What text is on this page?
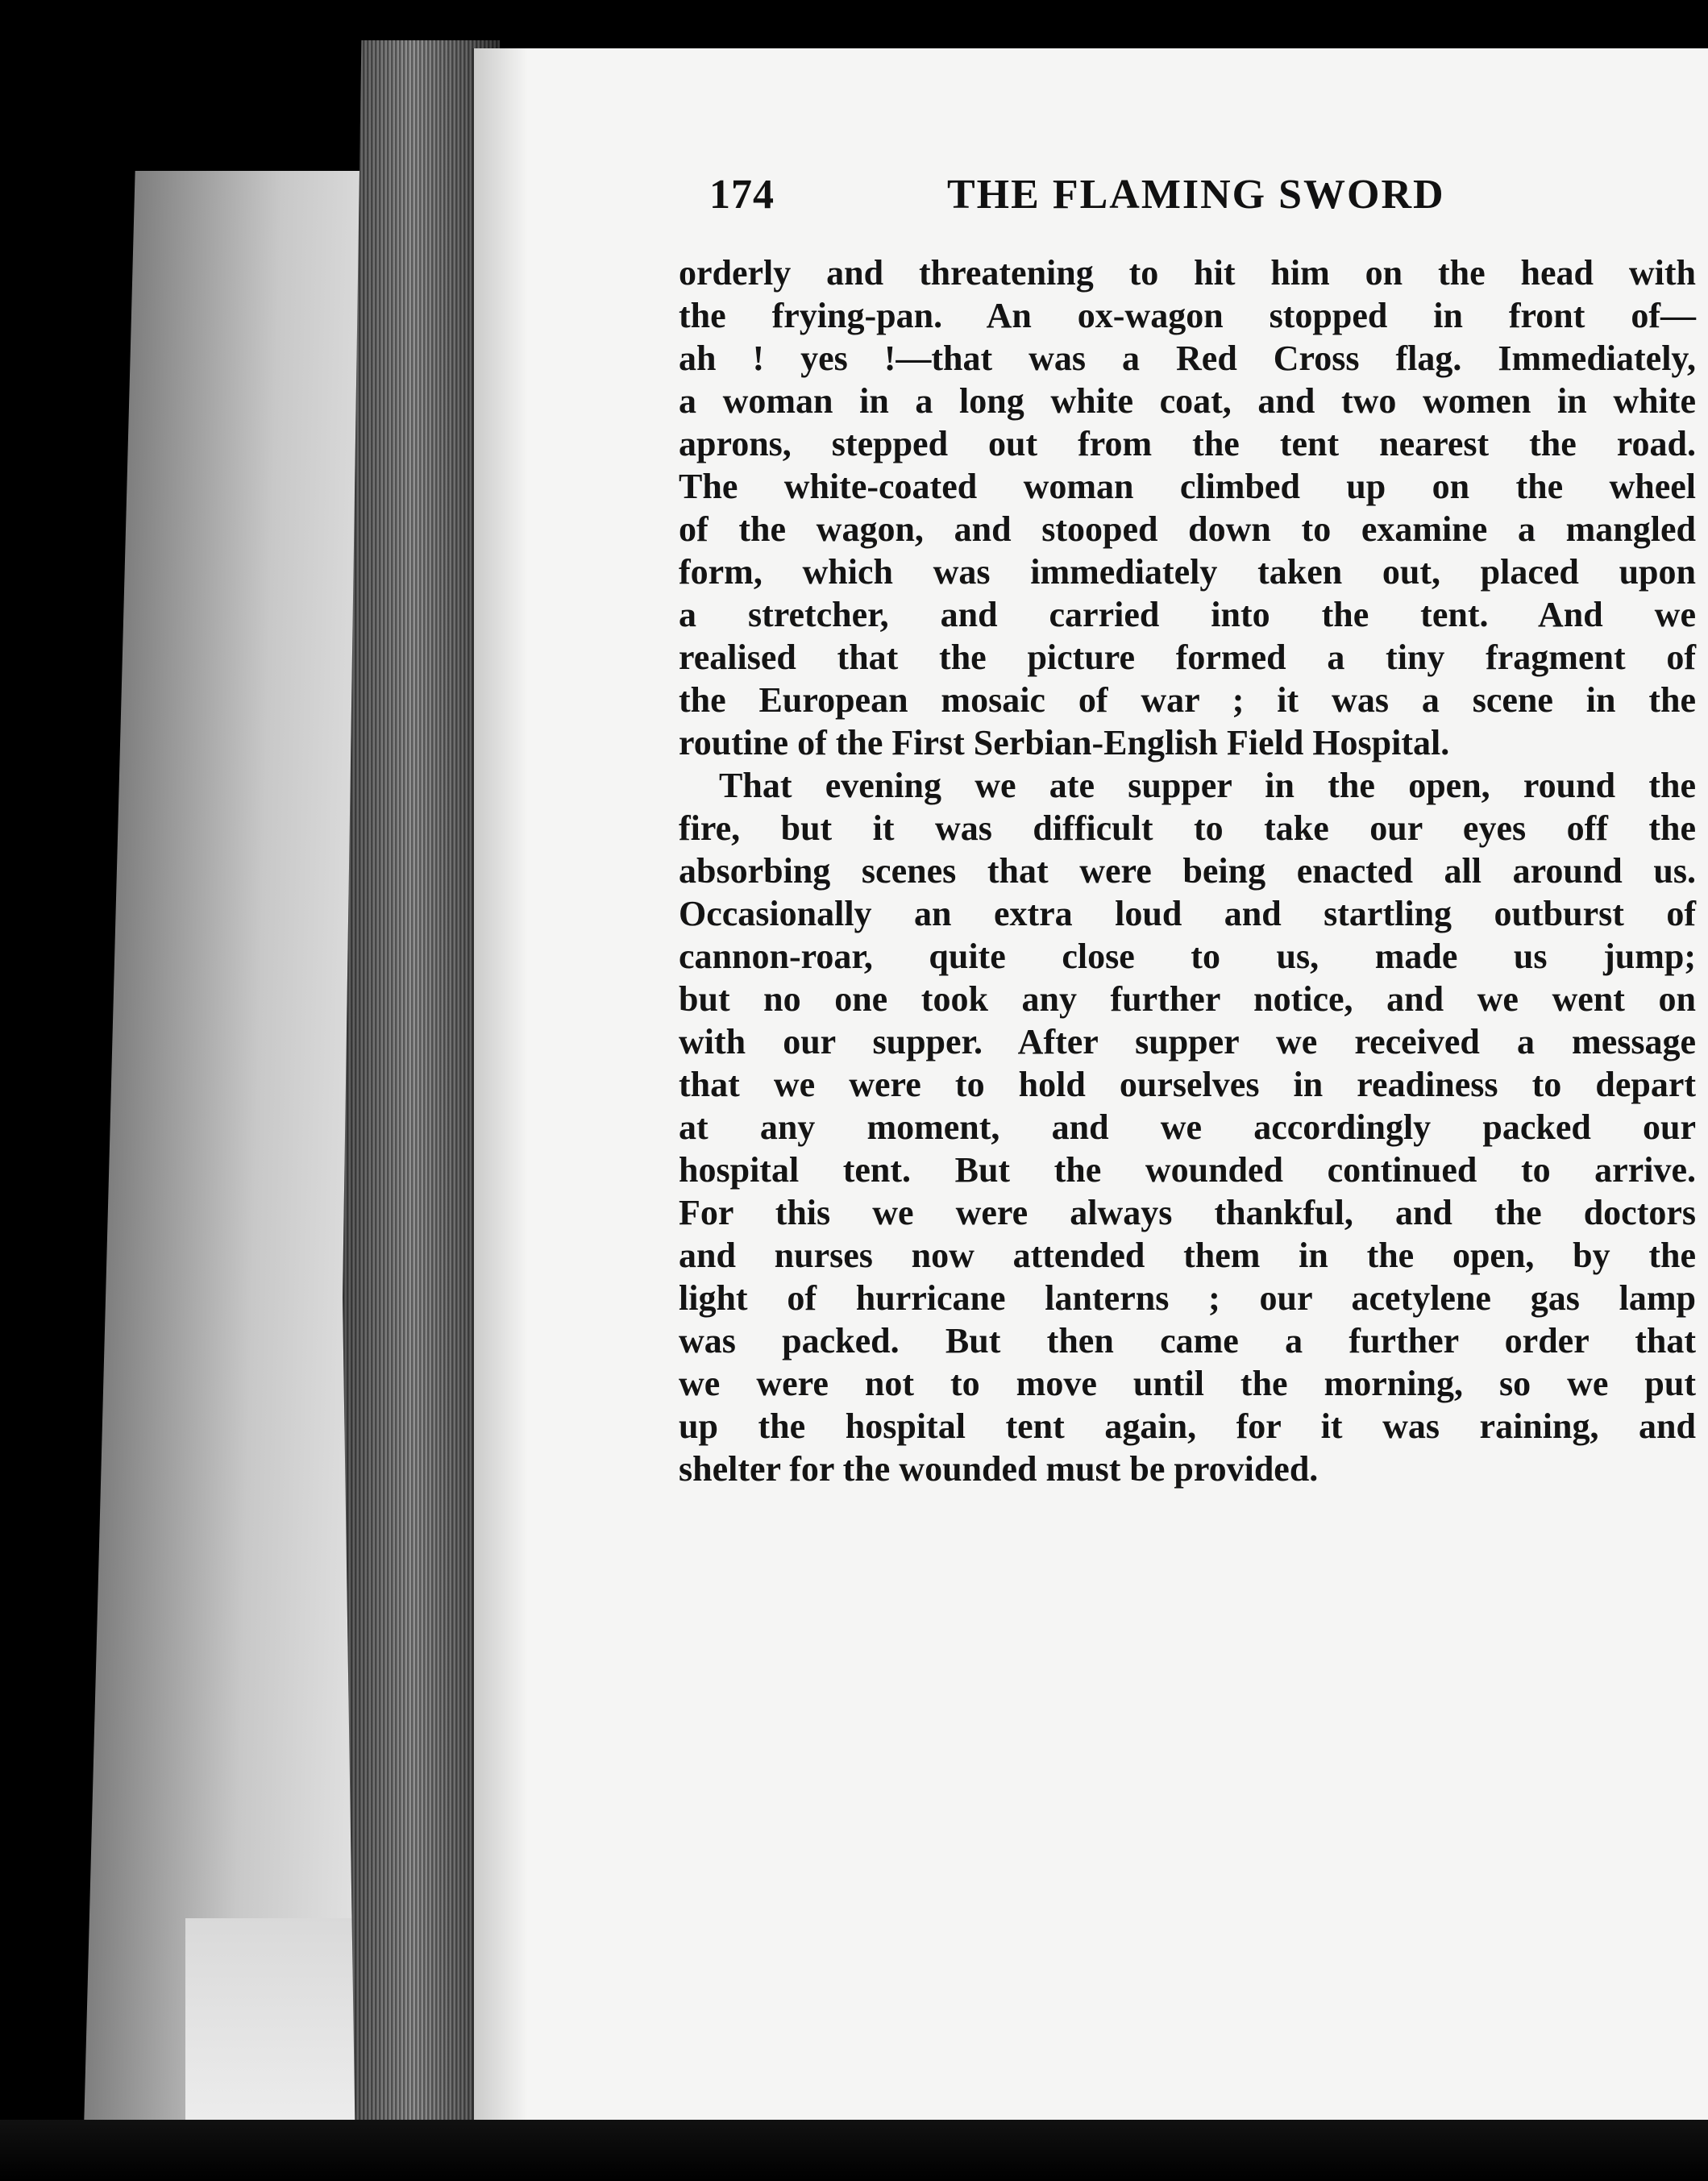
174	THE FLAMING SWORD
orderly and threatening to hit him on the head with
the frying-pan. An ox-wagon stopped in front of—
ah ! yes !—that was a Red Cross flag. Immediately,
a woman in a long white coat, and two women in white
aprons, stepped out from the tent nearest the road.
The white-coated woman climbed up on the wheel
of the wagon, and stooped down to examine a mangled
form, which was immediately taken out, placed upon
a stretcher, and carried into the tent. And we
realised that the picture formed a tiny fragment of
the European mosaic of war ; it was a scene in the
routine of the First Serbian-English Field Hospital.
That evening we ate supper in the open, round the
fire, but it was difficult to take our eyes off the
absorbing scenes that were being enacted all around us.
Occasionally an extra loud and startling outburst of
cannon-roar, quite close to us, made us jump;
but no one took any further notice, and we went on
with our supper. After supper we received a message
that we were to hold ourselves in readiness to depart
at any moment, and we accordingly packed our
hospital tent. But the wounded continued to arrive.
For this we were always thankful, and the doctors
and nurses now attended them in the open, by the
light of hurricane lanterns ; our acetylene gas lamp
was packed. But then came a further order that
we were not to move until the morning, so we put
up the hospital tent again, for it was raining, and
shelter for the wounded must be provided.
